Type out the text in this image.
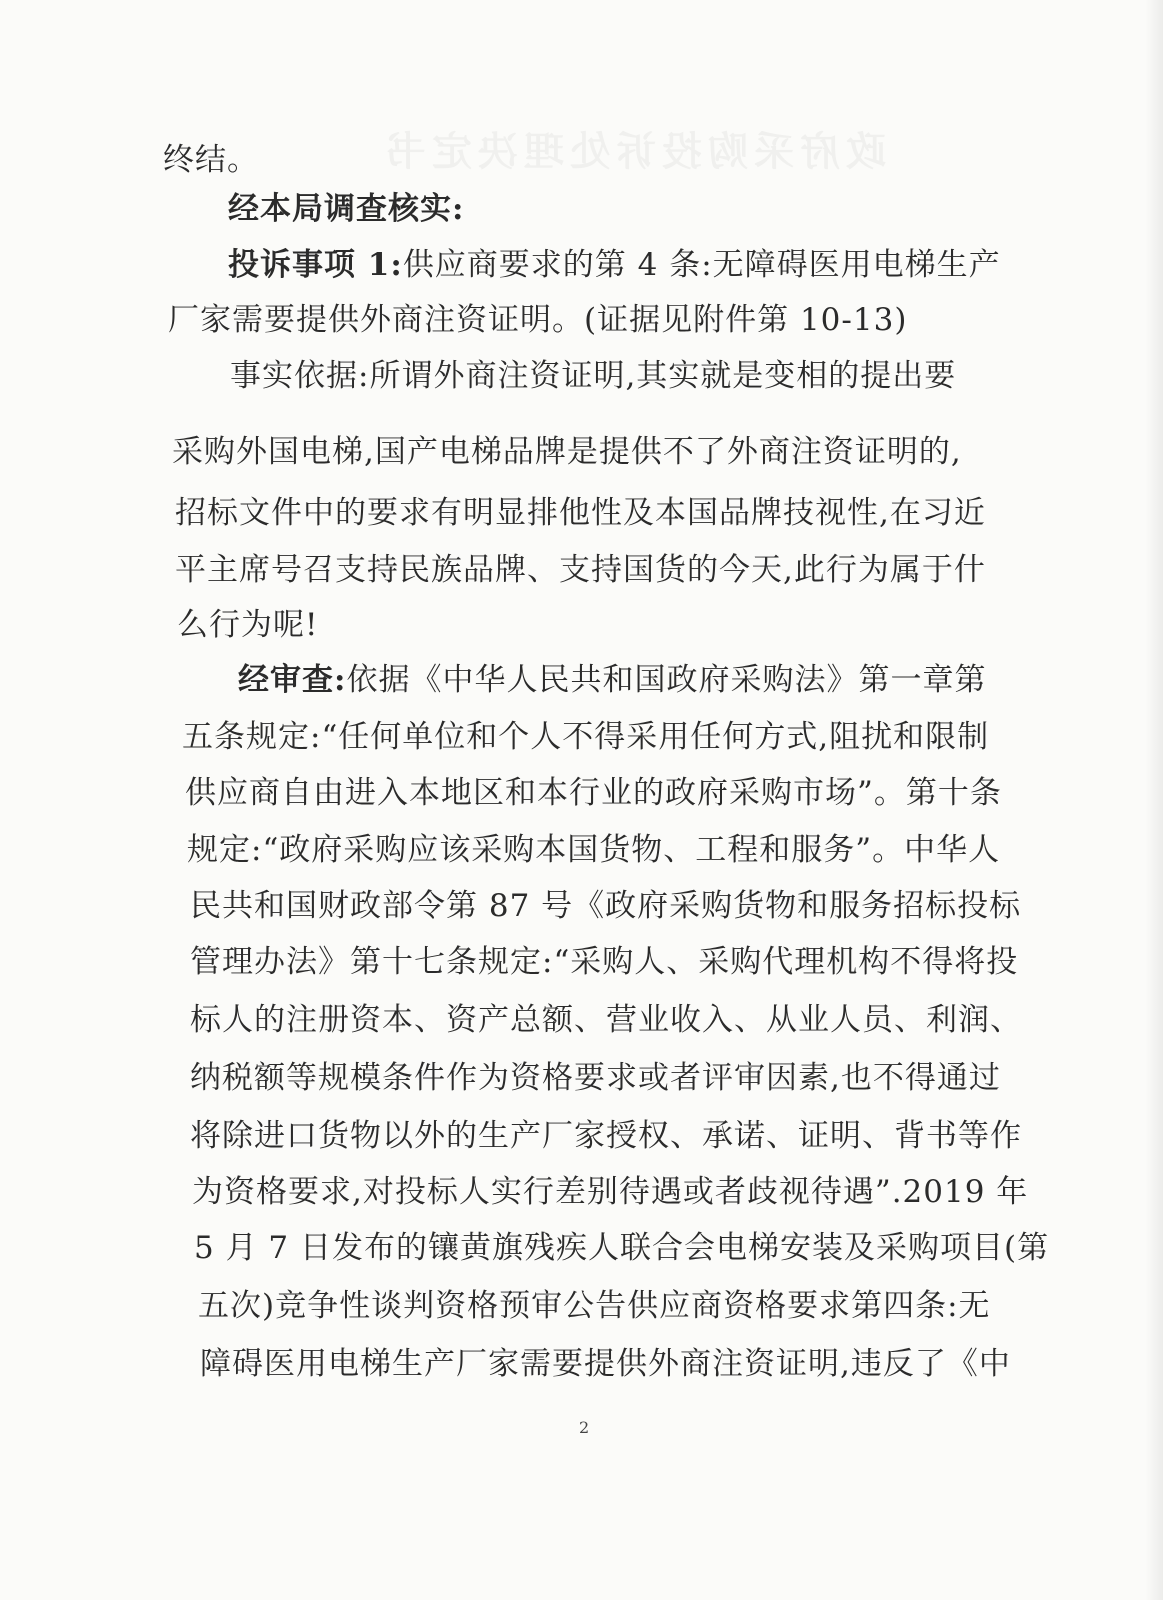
终结。
经本局调查核实:
投诉事项 1:供应商要求的第 4 条:无障碍医用电梯生产
厂家需要提供外商注资证明。(证据见附件第 10-13)
事实依据:所谓外商注资证明,其实就是变相的提出要
采购外国电梯,国产电梯品牌是提供不了外商注资证明的,
招标文件中的要求有明显排他性及本国品牌技视性,在习近
平主席号召支持民族品牌、支持国货的今天,此行为属于什
么行为呢!
经审查:依据《中华人民共和国政府采购法》第一章第
五条规定:“任何单位和个人不得采用任何方式,阻扰和限制
供应商自由进入本地区和本行业的政府采购市场”。第十条
规定:“政府采购应该采购本国货物、工程和服务”。中华人
民共和国财政部令第 87 号《政府采购货物和服务招标投标
管理办法》第十七条规定:“采购人、采购代理机构不得将投
标人的注册资本、资产总额、营业收入、从业人员、利润、
纳税额等规模条件作为资格要求或者评审因素,也不得通过
将除进口货物以外的生产厂家授权、承诺、证明、背书等作
为资格要求,对投标人实行差别待遇或者歧视待遇”.2019 年
5 月 7 日发布的镶黄旗残疾人联合会电梯安装及采购项目(第
五次)竞争性谈判资格预审公告供应商资格要求第四条:无
障碍医用电梯生产厂家需要提供外商注资证明,违反了《中
2
